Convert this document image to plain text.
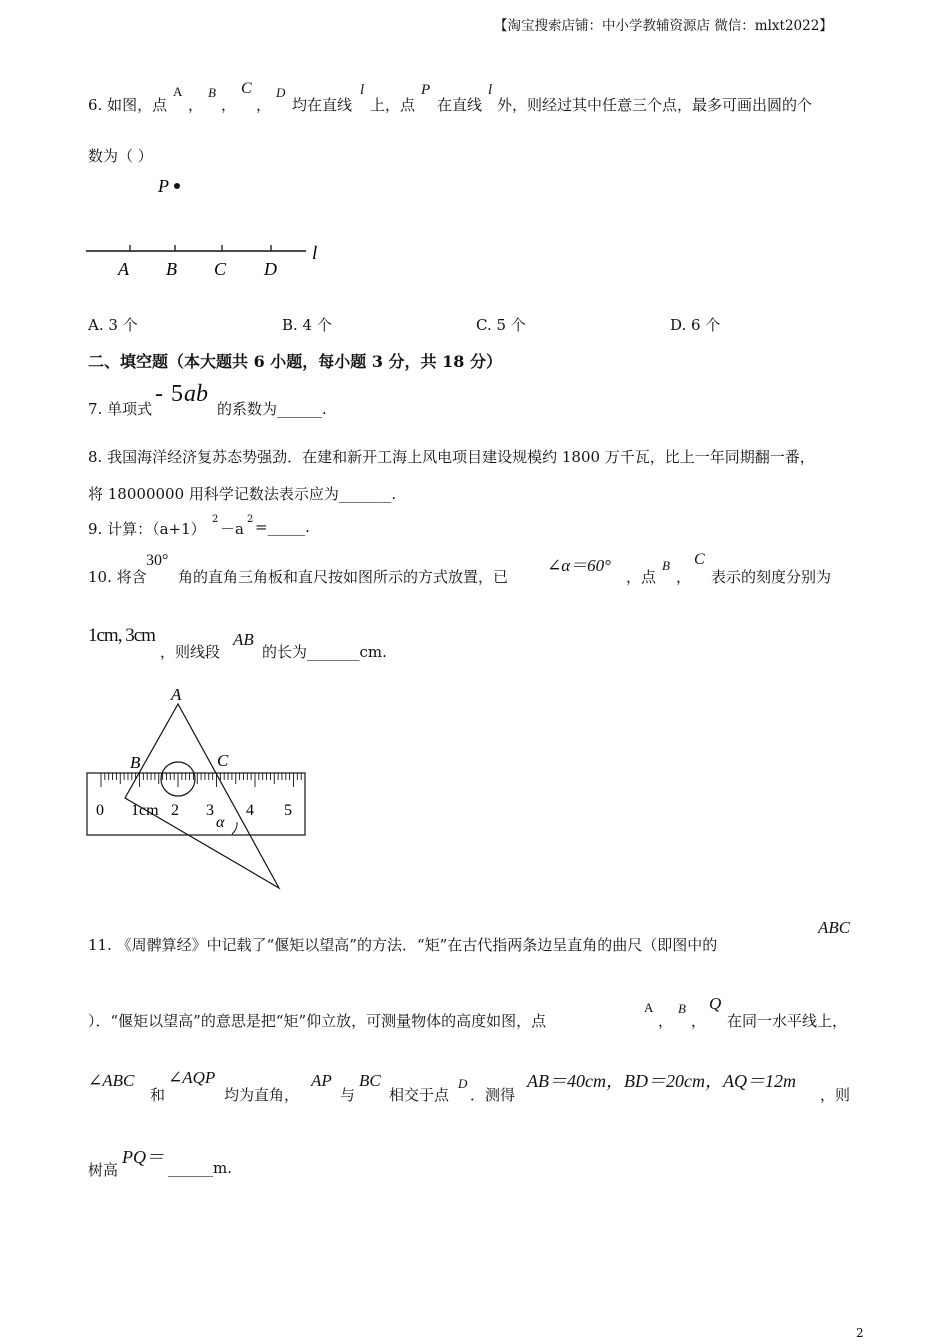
【淘宝搜索店铺：中小学教辅资源店 微信：mlxt2022】
6. 如图，点
A
，
B
，
C
，
D
均在直线
l
上，点
P
在直线
l
外，则经过其中任意三个点，最多可画出圆的个
数为（ ）
P
l
A B C D
A. 3 个	B. 4 个	C. 5 个	D. 6 个
二、填空题（本大题共 6 小题，每小题 3 分，共 18 分）
7. 单项式
- 5 ab
的系数为______.
8. 我国海洋经济复苏态势强劲．在建和新开工海上风电项目建设规模约 1800 万千瓦，比上一年同期翻一番，
将 18000000 用科学记数法表示应为_______.
9. 计算：（a+1）
2
－a
2 =_____.
10. 将含
30°
角的直角三角板和直尺按如图所示的方式放置，已
∠α＝60°
，点
B
，
C
表示的刻度分别为
1cm, 3cm
，则线段
AB
的长为_______cm.
0 1cm 2 3 4 5
A
B	C
α
11. 《周髀算经》中记载了“偃矩以望高”的方法．“矩”在古代指两条边呈直角的曲尺（即图中的
ABC
）．“偃矩以望高”的意思是把“矩”仰立放，可测量物体的高度如图，点
A
，
B
，
Q
在同一水平线上，
∠ABC
和
∠AQP
均为直角，
AP
与
BC
相交于点
D
．测得
AB＝40cm，BD＝20cm，AQ＝12m
，则
树高
PQ＝
______m.
2
